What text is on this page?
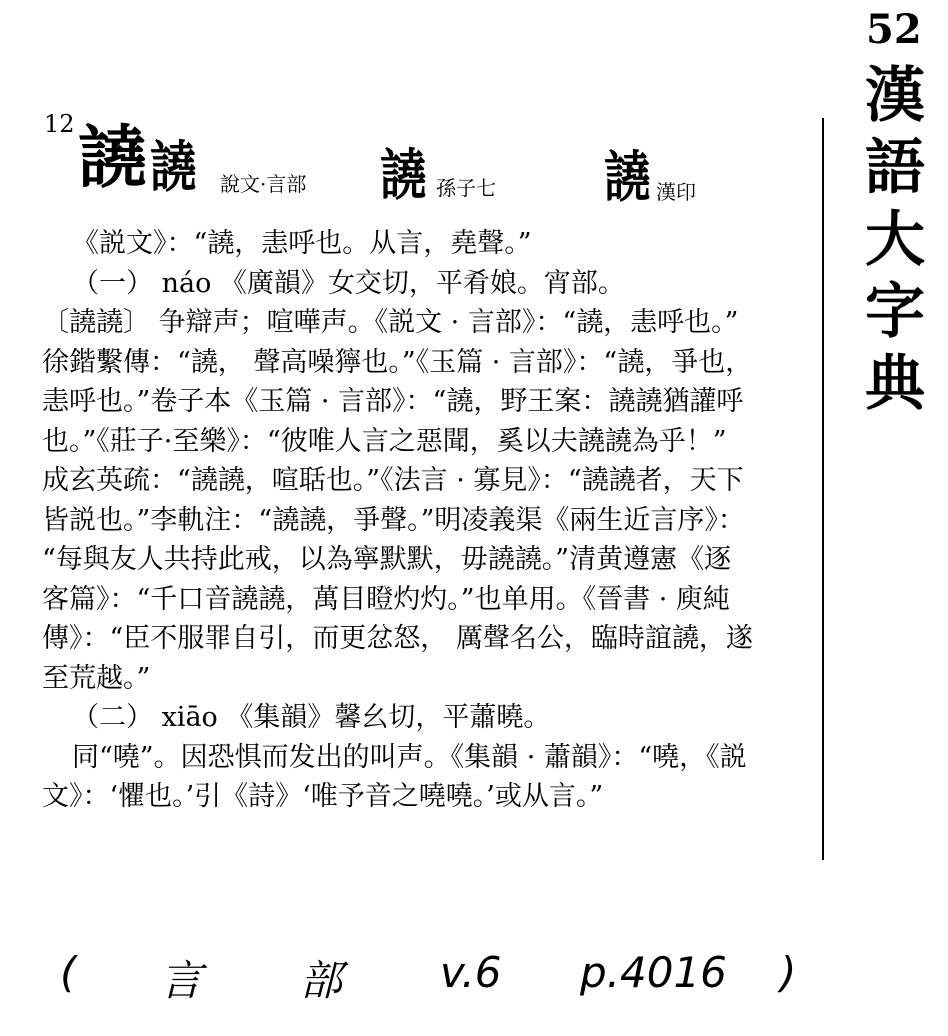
52
漢
語
大
字
典
12 譊 譊 說文·言部 譊 孫子七 譊 漢印

《説文》：“譊，恚呼也。从言，堯聲。”

（一） náo 《廣韻》女交切，平肴娘。宵部。

〔譊譊〕 争辯声；喧嘩声。《説文 · 言部》：“譊，恚呼也。”

徐鍇繫傳：“譊， 聲高噪獰也。”《玉篇 · 言部》：“譊，爭也，

恚呼也。”卷子本《玉篇 · 言部》：“譊，野王案：譊譊猶讙呼

也。”《莊子·至樂》：“彼唯人言之惡聞，奚以夫譊譊為乎！”

成玄英疏：“譊譊，喧聒也。”《法言 · 寡見》：“譊譊者，天下

皆説也。”李軌注：“譊譊，爭聲。”明凌義渠《兩生近言序》：

“每與友人共持此戒，以為寧默默，毋譊譊。”清黄遵憲《逐

客篇》：“千口音譊譊，萬目瞪灼灼。”也单用。《晉書 · 庾純

傳》：“臣不服罪自引，而更忿怒， 厲聲名公，臨時誼譊，遂

至荒越。”

（二） xiāo 《集韻》馨幺切，平蕭曉。

同“嘵”。因恐惧而发出的叫声。《集韻 · 蕭韻》：“嘵，《説

文》：‘懼也。’引《詩》‘唯予音之嘵嘵。’或从言。”

( 言 部 v.6 p.4016 )
